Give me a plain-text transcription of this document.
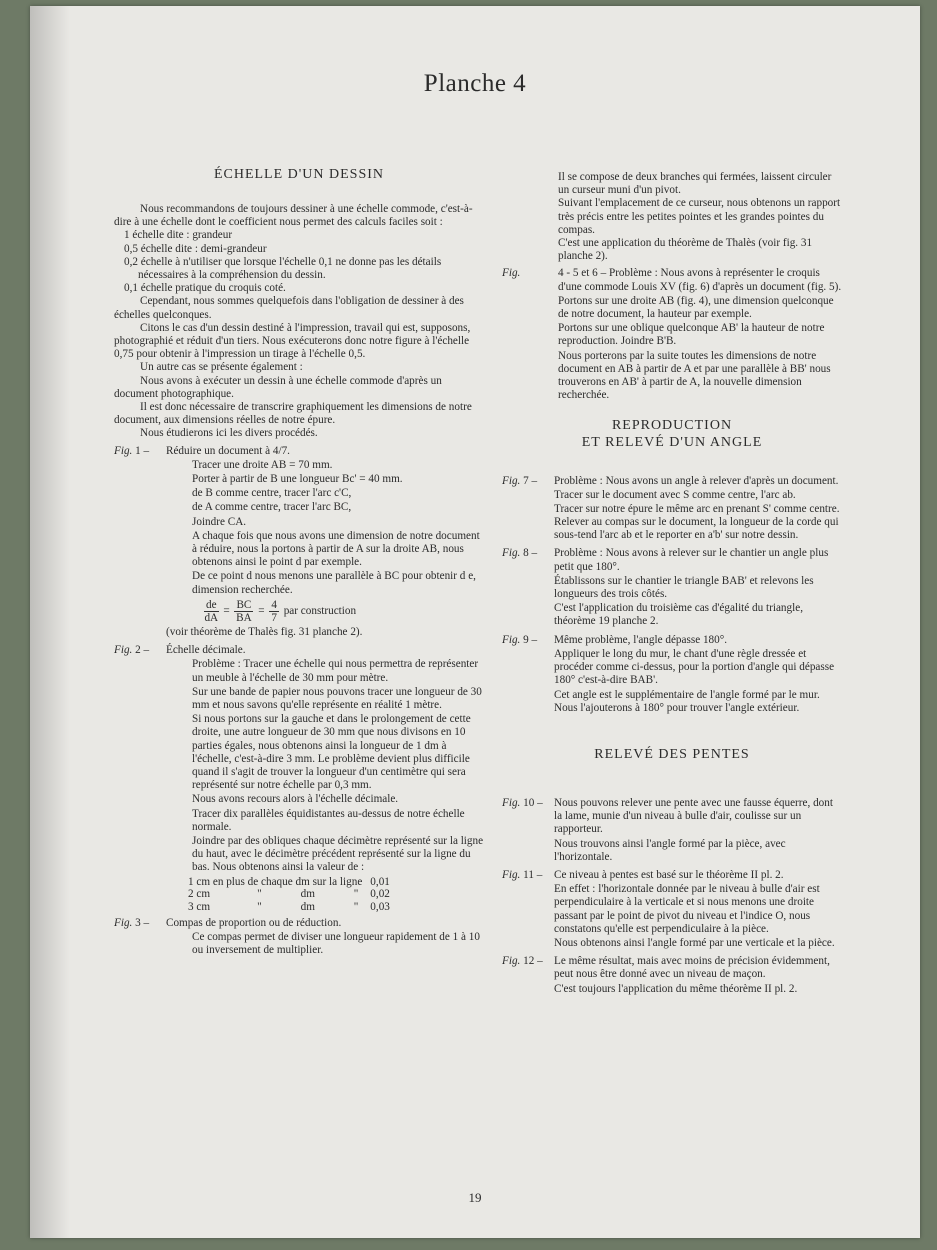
Planche 4
ÉCHELLE D'UN DESSIN

Nous recommandons de toujours dessiner à une échelle commode, c'est-à-dire à une échelle dont le coefficient nous permet des calculs faciles soit :

1 échelle dite : grandeur

0,5 échelle dite : demi-grandeur

0,2 échelle à n'utiliser que lorsque l'échelle 0,1 ne donne pas les détails nécessaires à la compréhension du dessin.

0,1 échelle pratique du croquis coté.

Cependant, nous sommes quelquefois dans l'obligation de dessiner à des échelles quelconques.

Citons le cas d'un dessin destiné à l'impression, travail qui est, supposons, photographié et réduit d'un tiers. Nous exécuterons donc notre figure à l'échelle 0,75 pour obtenir à l'impression un tirage à l'échelle 0,5.

Un autre cas se présente également :

Nous avons à exécuter un dessin à une échelle commode d'après un document photographique.

Il est donc nécessaire de transcrire graphiquement les dimensions de notre document, aux dimensions réelles de notre épure.

Nous étudierons ici les divers procédés.

Fig. 1 –	Réduire un document à 4/7.

Tracer une droite AB = 70 mm.

Porter à partir de B une longueur Bc' = 40 mm.

de B comme centre, tracer l'arc c'C,

de A comme centre, tracer l'arc BC,

Joindre CA.

A chaque fois que nous avons une dimension de notre document à réduire, nous la portons à partir de A sur la droite AB, nous obtenons ainsi le point d par exemple.

De ce point d nous menons une parallèle à BC pour obtenir d e, dimension recherchée.

$\frac{de}{dA} = \frac{BC}{BA} = \frac{4}{7}$ par construction

(voir théorème de Thalès fig. 31 planche 2).

Fig. 2 –	Échelle décimale.

Problème : Tracer une échelle qui nous permettra de représenter un meuble à l'échelle de 30 mm pour mètre.

Sur une bande de papier nous pouvons tracer une longueur de 30 mm et nous savons qu'elle représente en réalité 1 mètre.

Si nous portons sur la gauche et dans le prolongement de cette droite, une autre longueur de 30 mm que nous divisons en 10 parties égales, nous obtenons ainsi la longueur de 1 dm à l'échelle, c'est-à-dire 3 mm. Le problème devient plus difficile quand il s'agit de trouver la longueur d'un centimètre qui sera représenté sur notre échelle par 0,3 mm.

Nous avons recours alors à l'échelle décimale.

Tracer dix parallèles équidistantes au-dessus de notre échelle normale.

Joindre par des obliques chaque décimètre représenté sur la ligne du haut, avec le décimètre précédent représenté sur la ligne du bas. Nous obtenons ainsi la valeur de :

1 cm en plus de chaque dm sur la ligne				0,01
2 cm	"	dm	"	0,02
3 cm	"	dm	"	0,03
Fig. 3 –	Compas de proportion ou de réduction.

Ce compas permet de diviser une longueur rapidement de 1 à 10 ou inversement de multiplier.

Il se compose de deux branches qui fermées, laissent circuler un curseur muni d'un pivot.

Suivant l'emplacement de ce curseur, nous obtenons un rapport très précis entre les petites pointes et les grandes pointes du compas.

C'est une application du théorème de Thalès (voir fig. 31 planche 2).

Fig.	4 - 5 et 6 – Problème : Nous avons à représenter le croquis d'une commode Louis XV (fig. 6) d'après un document (fig. 5).

Portons sur une droite AB (fig. 4), une dimension quelconque de notre document, la hauteur par exemple.

Portons sur une oblique quelconque AB' la hauteur de notre reproduction. Joindre B'B.

Nous porterons par la suite toutes les dimensions de notre document en AB à partir de A et par une parallèle à BB' nous trouverons en AB' à partir de A, la nouvelle dimension recherchée.

REPRODUCTION
ET RELEVÉ D'UN ANGLE
Fig. 7 –	Problème : Nous avons un angle à relever d'après un document. Tracer sur le document avec S comme centre, l'arc ab.

Tracer sur notre épure le même arc en prenant S' comme centre. Relever au compas sur le document, la longueur de la corde qui sous-tend l'arc ab et le reporter en a'b' sur notre dessin.

Fig. 8 –	Problème : Nous avons à relever sur le chantier un angle plus petit que 180°.

Établissons sur le chantier le triangle BAB' et relevons les longueurs des trois côtés.

C'est l'application du troisième cas d'égalité du triangle, théorème 19 planche 2.

Fig. 9 –	Même problème, l'angle dépasse 180°.

Appliquer le long du mur, le chant d'une règle dressée et procéder comme ci-dessus, pour la portion d'angle qui dépasse 180° c'est-à-dire BAB'.

Cet angle est le supplémentaire de l'angle formé par le mur. Nous l'ajouterons à 180° pour trouver l'angle extérieur.

RELEVÉ DES PENTES
Fig. 10 –	Nous pouvons relever une pente avec une fausse équerre, dont la lame, munie d'un niveau à bulle d'air, coulisse sur un rapporteur.

Nous trouvons ainsi l'angle formé par la pièce, avec l'horizontale.

Fig. 11 –	Ce niveau à pentes est basé sur le théorème II pl. 2.

En effet : l'horizontale donnée par le niveau à bulle d'air est perpendiculaire à la verticale et si nous menons une droite passant par le point de pivot du niveau et l'indice O, nous constatons qu'elle est perpendiculaire à la pièce.

Nous obtenons ainsi l'angle formé par une verticale et la pièce.

Fig. 12 –	Le même résultat, mais avec moins de précision évidemment, peut nous être donné avec un niveau de maçon.

C'est toujours l'application du même théorème II pl. 2.

19
